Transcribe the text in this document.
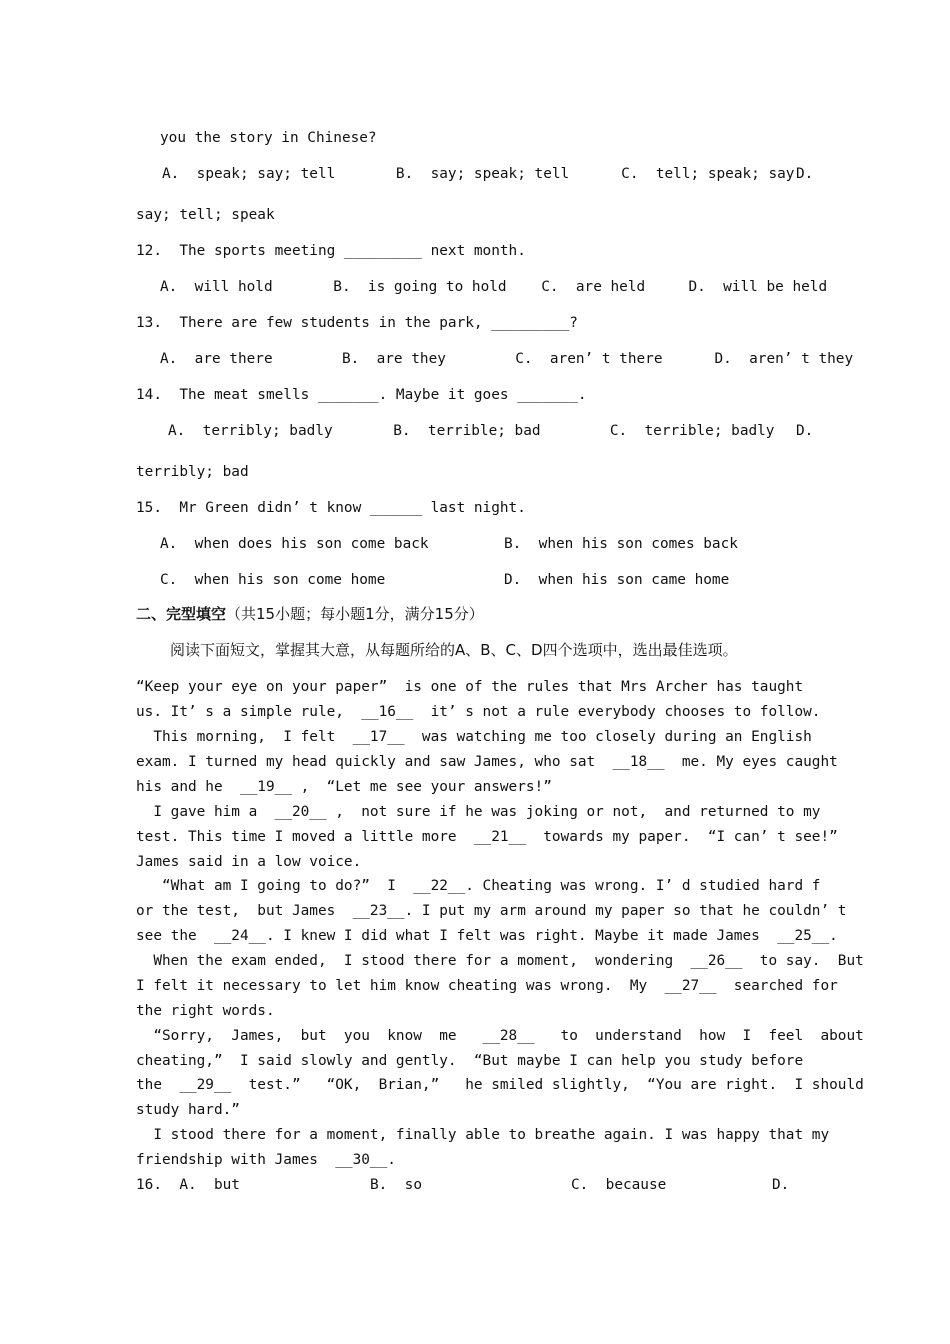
you the story in Chinese?
A.  speak; say; tell       B.  say; speak; tell      C.  tell; speak; say D.
say; tell; speak
12.  The sports meeting _________ next month.
A.  will hold       B.  is going to hold    C.  are held     D.  will be held
13.  There are few students in the park, _________?
A.  are there        B.  are they        C.  aren’ t there      D.  aren’ t they
14.  The meat smells _______. Maybe it goes _______.
A.  terribly; badly       B.  terrible; bad        C.  terrible; badly D.
terribly; bad
15.  Mr Green didn’ t know ______ last night.
A.  when does his son come back	B.  when his son comes back
C.  when his son come home	D.  when his son came home
二、完型填空（共15小题；每小题1分，满分15分）
阅读下面短文，掌握其大意，从每题所给的A、B、C、D四个选项中，选出最佳选项。
“Keep your eye on your paper”  is one of the rules that Mrs Archer has taught
us. It’ s a simple rule,  __16__  it’ s not a rule everybody chooses to follow.
This morning,  I felt  __17__  was watching me too closely during an English
exam. I turned my head quickly and saw James, who sat  __18__  me. My eyes caught
his and he  __19__ ,  “Let me see your answers!”
I gave him a  __20__ ,  not sure if he was joking or not,  and returned to my
test. This time I moved a little more  __21__  towards my paper.  “I can’ t see!”
James said in a low voice.
“What am I going to do?”  I  __22__. Cheating was wrong. I’ d studied hard f
or the test,  but James  __23__. I put my arm around my paper so that he couldn’ t
see the  __24__. I knew I did what I felt was right. Maybe it made James  __25__.
When the exam ended,  I stood there for a moment,  wondering  __26__  to say.  But
I felt it necessary to let him know cheating was wrong.  My  __27__  searched for
the right words.
“Sorry,  James,  but  you  know  me   __28__   to  understand  how  I  feel  about
cheating,”  I said slowly and gently.  “But maybe I can help you study before
the  __29__  test.”   “OK,  Brian,”   he smiled slightly,  “You are right.  I should
study hard.”
I stood there for a moment, finally able to breathe again. I was happy that my
friendship with James  __30__.
16.  A.  but	B.  so	C.  because	D.
